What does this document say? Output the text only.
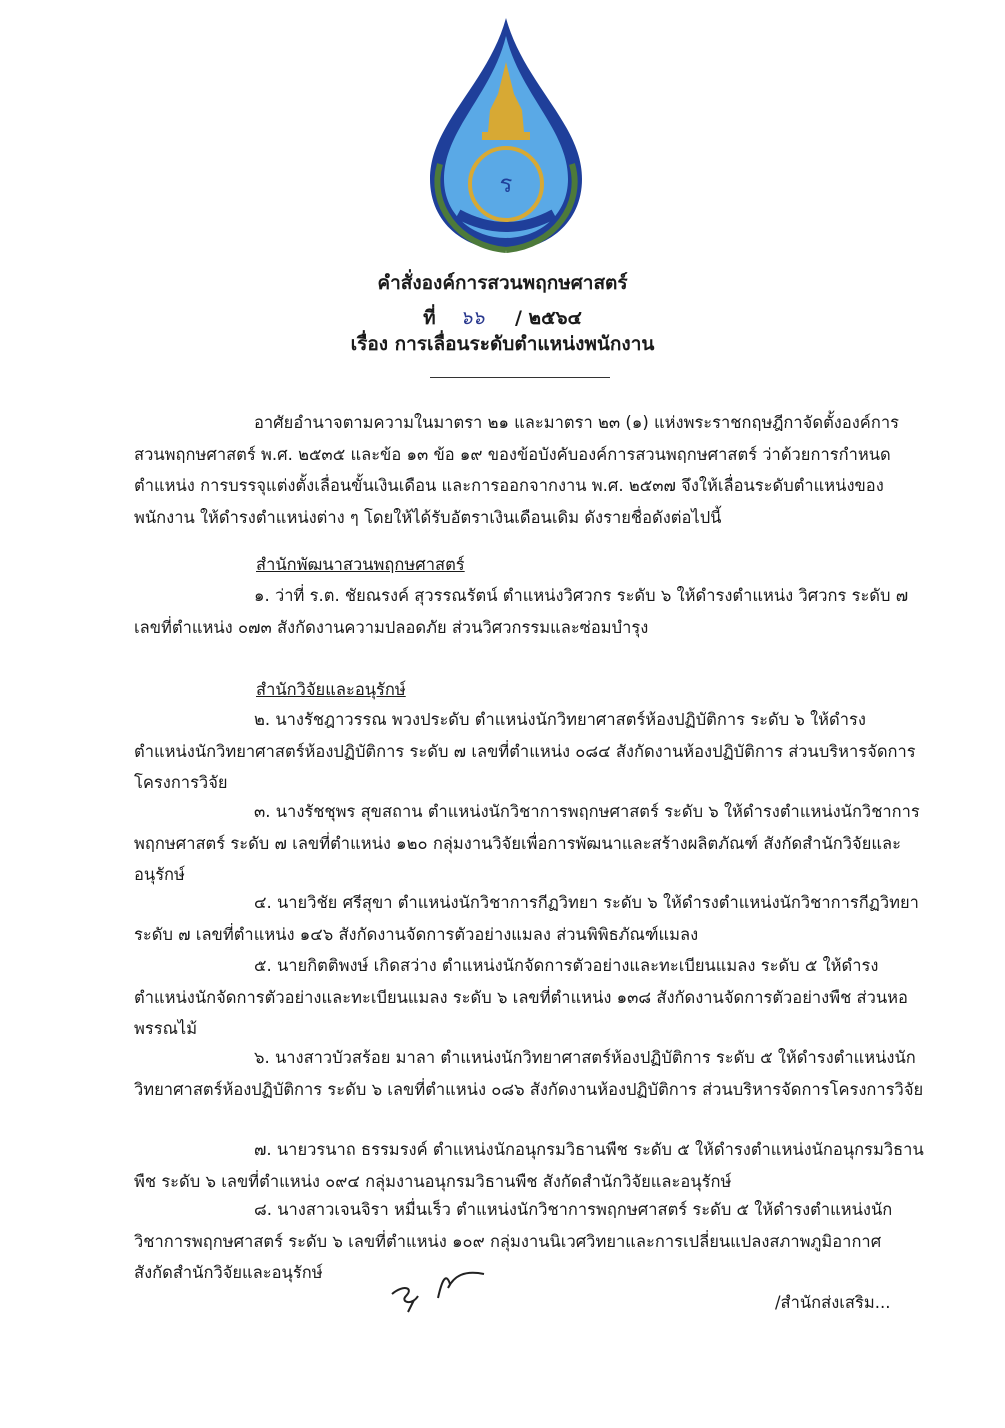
ร
คำสั่งองค์การสวนพฤกษศาสตร์
ที่ ๖๖ / ๒๕๖๔
เรื่อง การเลื่อนระดับตำแหน่งพนักงาน
อาศัยอำนาจตามความในมาตรา ๒๑ และมาตรา ๒๓ (๑) แห่งพระราชกฤษฎีกาจัดตั้งองค์การสวนพฤกษศาสตร์ พ.ศ. ๒๕๓๕ และข้อ ๑๓ ข้อ ๑๙ ของข้อบังคับองค์การสวนพฤกษศาสตร์ ว่าด้วยการกำหนดตำแหน่ง การบรรจุแต่งตั้งเลื่อนขั้นเงินเดือน และการออกจากงาน พ.ศ. ๒๕๓๗ จึงให้เลื่อนระดับตำแหน่งของพนักงาน ให้ดำรงตำแหน่งต่าง ๆ โดยให้ได้รับอัตราเงินเดือนเดิม ดังรายชื่อดังต่อไปนี้
สำนักพัฒนาสวนพฤกษศาสตร์
๑. ว่าที่ ร.ต. ชัยณรงค์ สุวรรณรัตน์ ตำแหน่งวิศวกร ระดับ ๖ ให้ดำรงตำแหน่ง วิศวกร ระดับ ๗ เลขที่ตำแหน่ง ๐๗๓ สังกัดงานความปลอดภัย ส่วนวิศวกรรมและซ่อมบำรุง
สำนักวิจัยและอนุรักษ์
๒. นางรัชฎาวรรณ พวงประดับ ตำแหน่งนักวิทยาศาสตร์ห้องปฏิบัติการ ระดับ ๖ ให้ดำรงตำแหน่งนักวิทยาศาสตร์ห้องปฏิบัติการ ระดับ ๗ เลขที่ตำแหน่ง ๐๘๔ สังกัดงานห้องปฏิบัติการ ส่วนบริหารจัดการโครงการวิจัย
๓. นางรัชชุพร สุขสถาน ตำแหน่งนักวิชาการพฤกษศาสตร์ ระดับ ๖ ให้ดำรงตำแหน่งนักวิชาการพฤกษศาสตร์ ระดับ ๗ เลขที่ตำแหน่ง ๑๒๐ กลุ่มงานวิจัยเพื่อการพัฒนาและสร้างผลิตภัณฑ์ สังกัดสำนักวิจัยและอนุรักษ์
๔. นายวิชัย ศรีสุขา ตำแหน่งนักวิชาการกีฏวิทยา ระดับ ๖ ให้ดำรงตำแหน่งนักวิชาการกีฏวิทยา ระดับ ๗ เลขที่ตำแหน่ง ๑๔๖ สังกัดงานจัดการตัวอย่างแมลง ส่วนพิพิธภัณฑ์แมลง
๕. นายกิตติพงษ์ เกิดสว่าง ตำแหน่งนักจัดการตัวอย่างและทะเบียนแมลง ระดับ ๕ ให้ดำรงตำแหน่งนักจัดการตัวอย่างและทะเบียนแมลง ระดับ ๖ เลขที่ตำแหน่ง ๑๓๘ สังกัดงานจัดการตัวอย่างพืช ส่วนหอพรรณไม้
๖. นางสาวบัวสร้อย มาลา ตำแหน่งนักวิทยาศาสตร์ห้องปฏิบัติการ ระดับ ๕ ให้ดำรงตำแหน่งนักวิทยาศาสตร์ห้องปฏิบัติการ ระดับ ๖ เลขที่ตำแหน่ง ๐๘๖ สังกัดงานห้องปฏิบัติการ ส่วนบริหารจัดการโครงการวิจัย
๗. นายวรนาถ ธรรมรงค์ ตำแหน่งนักอนุกรมวิธานพืช ระดับ ๕ ให้ดำรงตำแหน่งนักอนุกรมวิธานพืช ระดับ ๖ เลขที่ตำแหน่ง ๐๙๔ กลุ่มงานอนุกรมวิธานพืช สังกัดสำนักวิจัยและอนุรักษ์
๘. นางสาวเจนจิรา หมื่นเร็ว ตำแหน่งนักวิชาการพฤกษศาสตร์ ระดับ ๕ ให้ดำรงตำแหน่งนักวิชาการพฤกษศาสตร์ ระดับ ๖ เลขที่ตำแหน่ง ๑๐๙ กลุ่มงานนิเวศวิทยาและการเปลี่ยนแปลงสภาพภูมิอากาศ สังกัดสำนักวิจัยและอนุรักษ์
/สำนักส่งเสริม...
